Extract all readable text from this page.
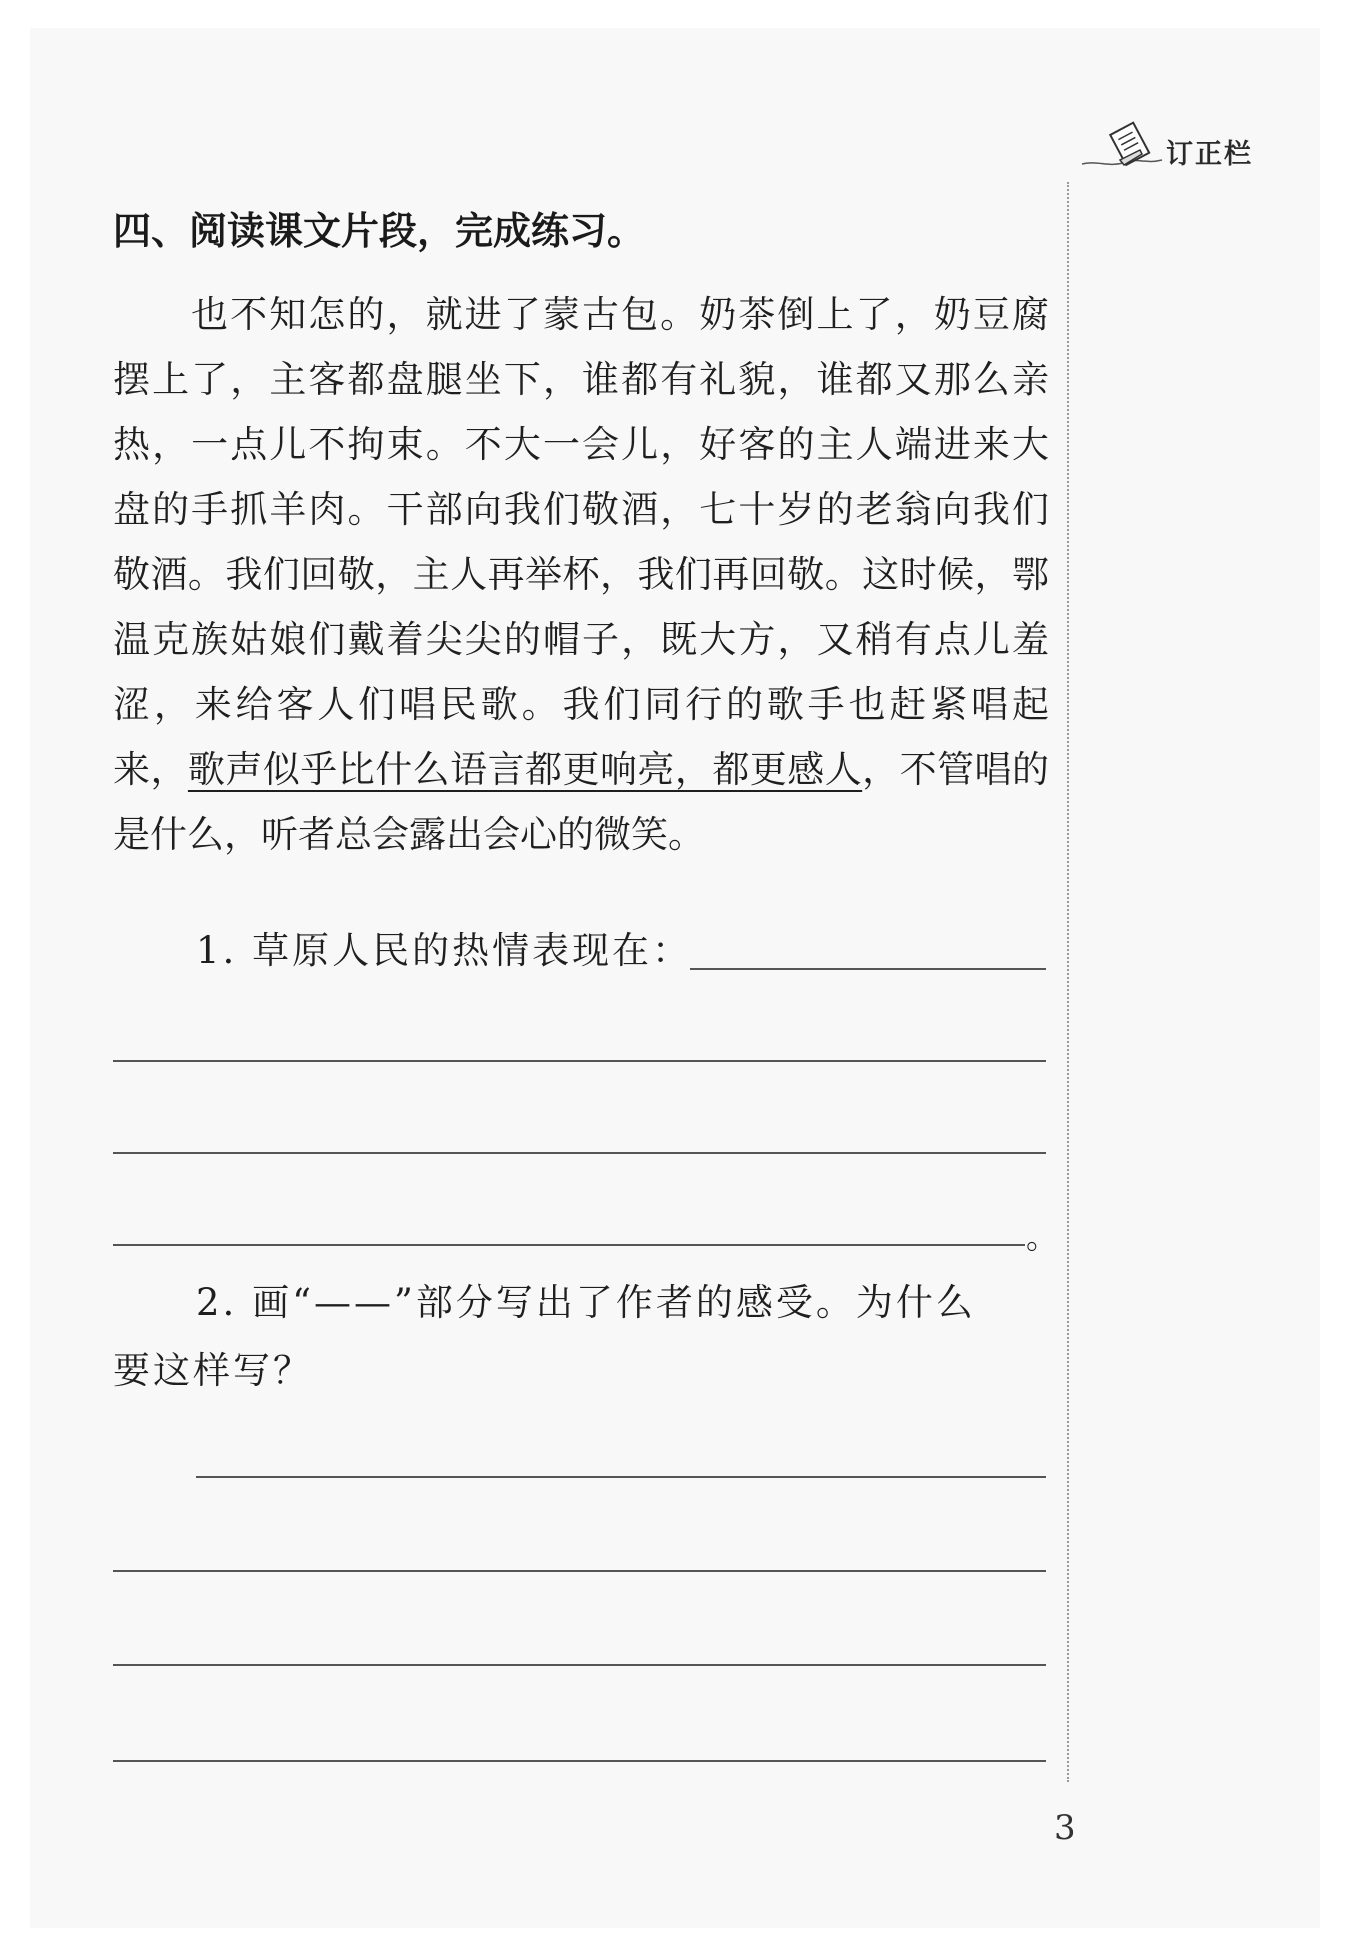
订正栏
四、阅读课文片段，完成练习。
也不知怎的，就进了蒙古包。奶茶倒上了，奶豆腐
摆上了，主客都盘腿坐下，谁都有礼貌，谁都又那么亲
热，一点儿不拘束。不大一会儿，好客的主人端进来大
盘的手抓羊肉。干部向我们敬酒，七十岁的老翁向我们
敬酒。我们回敬，主人再举杯，我们再回敬。这时候，鄂
温克族姑娘们戴着尖尖的帽子，既大方，又稍有点儿羞
涩，来给客人们唱民歌。我们同行的歌手也赶紧唱起
来，歌声似乎比什么语言都更响亮，都更感人，不管唱的
是什么，听者总会露出会心的微笑。
1. 草原人民的热情表现在：
。
2. 画“——”部分写出了作者的感受。为什么
要这样写？
3
